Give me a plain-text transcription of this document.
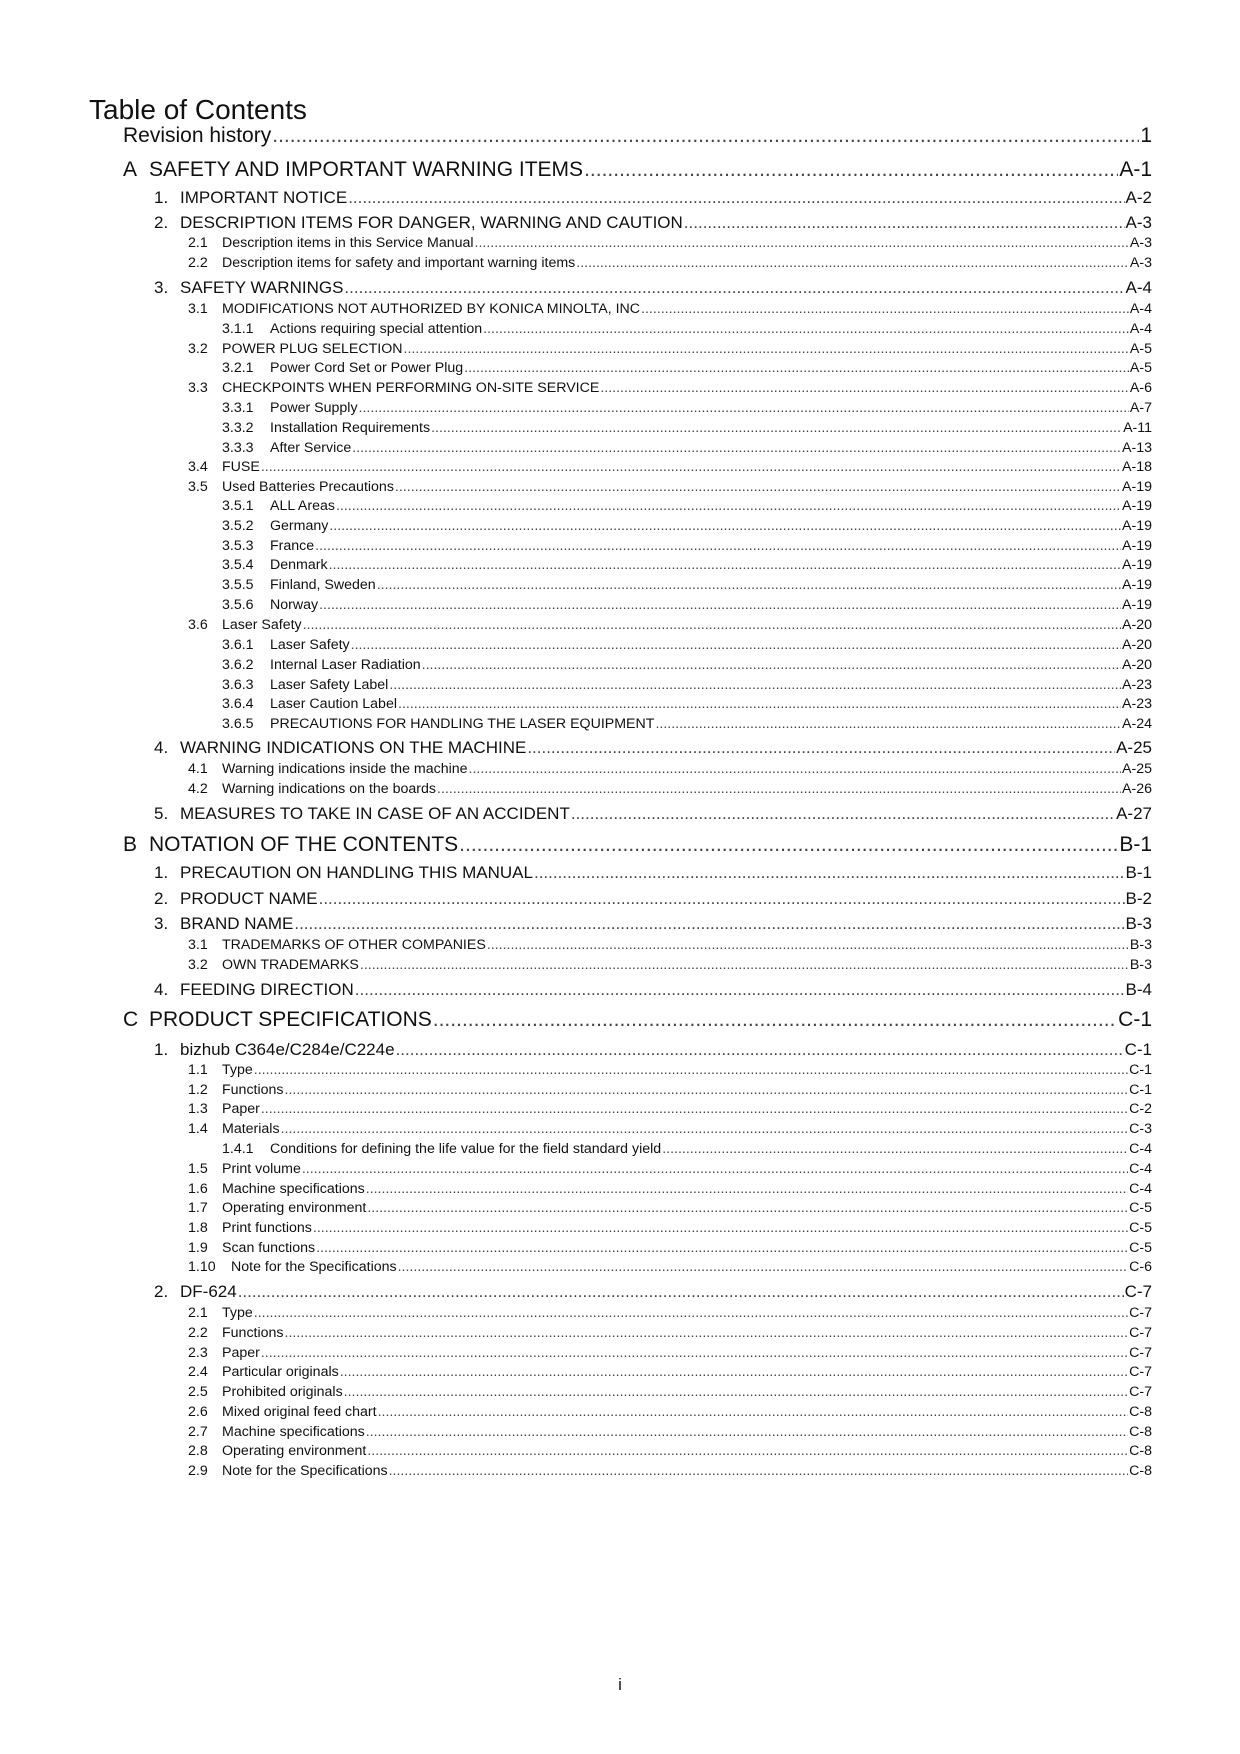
Table of Contents
Revision history .....	1
A SAFETY AND IMPORTANT WARNING ITEMS .....	A-1
1. IMPORTANT NOTICE .....	A-2
2. DESCRIPTION ITEMS FOR DANGER, WARNING AND CAUTION .....	A-3
2.1	Description items in this Service Manual .....	A-3
2.2	Description items for safety and important warning items .....	A-3
3. SAFETY WARNINGS .....	A-4
3.1	MODIFICATIONS NOT AUTHORIZED BY KONICA MINOLTA, INC .....	A-4
3.1.1	Actions requiring special attention .....	A-4
3.2	POWER PLUG SELECTION .....	A-5
3.2.1	Power Cord Set or Power Plug .....	A-5
3.3	CHECKPOINTS WHEN PERFORMING ON-SITE SERVICE .....	A-6
3.3.1	Power Supply .....	A-7
3.3.2	Installation Requirements .....	A-11
3.3.3	After Service .....	A-13
3.4	FUSE .....	A-18
3.5	Used Batteries Precautions .....	A-19
3.5.1	ALL Areas .....	A-19
3.5.2	Germany .....	A-19
3.5.3	France .....	A-19
3.5.4	Denmark .....	A-19
3.5.5	Finland, Sweden .....	A-19
3.5.6	Norway .....	A-19
3.6	Laser Safety .....	A-20
3.6.1	Laser Safety .....	A-20
3.6.2	Internal Laser Radiation .....	A-20
3.6.3	Laser Safety Label .....	A-23
3.6.4	Laser Caution Label .....	A-23
3.6.5	PRECAUTIONS FOR HANDLING THE LASER EQUIPMENT .....	A-24
4. WARNING INDICATIONS ON THE MACHINE .....	A-25
4.1	Warning indications inside the machine .....	A-25
4.2	Warning indications on the boards .....	A-26
5. MEASURES TO TAKE IN CASE OF AN ACCIDENT .....	A-27
B NOTATION OF THE CONTENTS .....	B-1
1. PRECAUTION ON HANDLING THIS MANUAL .....	B-1
2. PRODUCT NAME .....	B-2
3. BRAND NAME .....	B-3
3.1	TRADEMARKS OF OTHER COMPANIES .....	B-3
3.2	OWN TRADEMARKS .....	B-3
4. FEEDING DIRECTION .....	B-4
C PRODUCT SPECIFICATIONS .....	C-1
1. bizhub C364e/C284e/C224e .....	C-1
1.1	Type .....	C-1
1.2	Functions .....	C-1
1.3	Paper .....	C-2
1.4	Materials .....	C-3
1.4.1	Conditions for defining the life value for the field standard yield .....	C-4
1.5	Print volume .....	C-4
1.6	Machine specifications .....	C-4
1.7	Operating environment .....	C-5
1.8	Print functions .....	C-5
1.9	Scan functions .....	C-5
1.10	Note for the Specifications .....	C-6
2. DF-624 .....	C-7
2.1	Type .....	C-7
2.2	Functions .....	C-7
2.3	Paper .....	C-7
2.4	Particular originals .....	C-7
2.5	Prohibited originals .....	C-7
2.6	Mixed original feed chart .....	C-8
2.7	Machine specifications .....	C-8
2.8	Operating environment .....	C-8
2.9	Note for the Specifications .....	C-8
i
